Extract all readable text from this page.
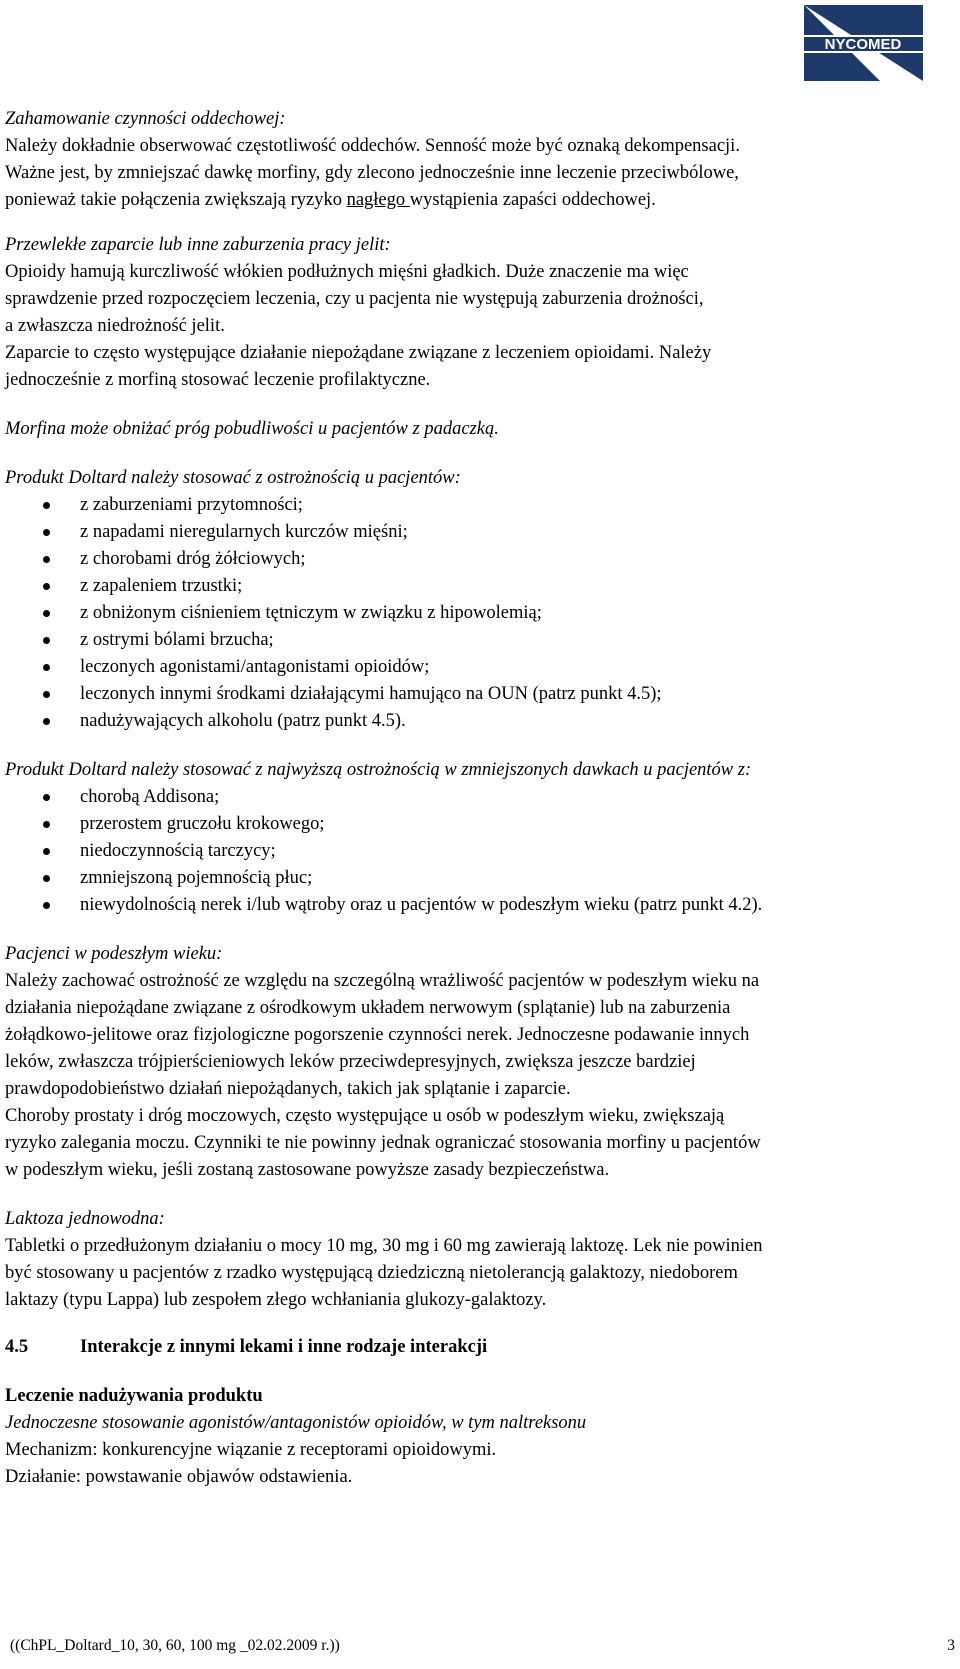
NYCOMED

Zahamowanie czynności oddechowej:

Należy dokładnie obserwować częstotliwość oddechów. Senność może być oznaką dekompensacji.

Ważne jest, by zmniejszać dawkę morfiny, gdy zlecono jednocześnie inne leczenie przeciwbólowe,

ponieważ takie połączenia zwiększają ryzyko nagłego wystąpienia zapaści oddechowej.

Przewlekłe zaparcie lub inne zaburzenia pracy jelit:

Opioidy hamują kurczliwość włókien podłużnych mięśni gładkich. Duże znaczenie ma więc

sprawdzenie przed rozpoczęciem leczenia, czy u pacjenta nie występują zaburzenia drożności,

a zwłaszcza niedrożność jelit.

Zaparcie to często występujące działanie niepożądane związane z leczeniem opioidami. Należy

jednocześnie z morfiną stosować leczenie profilaktyczne.

Morfina może obniżać próg pobudliwości u pacjentów z padaczką.

Produkt Doltard należy stosować z ostrożnością u pacjentów:

z zaburzeniami przytomności;
z napadami nieregularnych kurczów mięśni;
z chorobami dróg żółciowych;
z zapaleniem trzustki;
z obniżonym ciśnieniem tętniczym w związku z hipowolemią;
z ostrymi bólami brzucha;
leczonych agonistami/antagonistami opioidów;
leczonych innymi środkami działającymi hamująco na OUN (patrz punkt 4.5);
nadużywających alkoholu (patrz punkt 4.5).

Produkt Doltard należy stosować z najwyższą ostrożnością w zmniejszonych dawkach u pacjentów z:

chorobą Addisona;
przerostem gruczołu krokowego;
niedoczynnością tarczycy;
zmniejszoną pojemnością płuc;
niewydolnością nerek i/lub wątroby oraz u pacjentów w podeszłym wieku (patrz punkt 4.2).

Pacjenci w podeszłym wieku:

Należy zachować ostrożność ze względu na szczególną wrażliwość pacjentów w podeszłym wieku na

działania niepożądane związane z ośrodkowym układem nerwowym (splątanie) lub na zaburzenia

żołądkowo-jelitowe oraz fizjologiczne pogorszenie czynności nerek. Jednoczesne podawanie innych

leków, zwłaszcza trójpierścieniowych leków przeciwdepresyjnych, zwiększa jeszcze bardziej

prawdopodobieństwo działań niepożądanych, takich jak splątanie i zaparcie.

Choroby prostaty i dróg moczowych, często występujące u osób w podeszłym wieku, zwiększają

ryzyko zalegania moczu. Czynniki te nie powinny jednak ograniczać stosowania morfiny u pacjentów

w podeszłym wieku, jeśli zostaną zastosowane powyższe zasady bezpieczeństwa.

Laktoza jednowodna:

Tabletki o przedłużonym działaniu o mocy 10 mg, 30 mg i 60 mg zawierają laktozę. Lek nie powinien

być stosowany u pacjentów z rzadko występującą dziedziczną nietolerancją galaktozy, niedoborem

laktazy (typu Lappa) lub zespołem złego wchłaniania glukozy-galaktozy.

4.5	Interakcje z innymi lekami i inne rodzaje interakcji

Leczenie nadużywania produktu

Jednoczesne stosowanie agonistów/antagonistów opioidów, w tym naltreksonu

Mechanizm: konkurencyjne wiązanie z receptorami opioidowymi.

Działanie: powstawanie objawów odstawienia.

((ChPL_Doltard_10, 30, 60, 100 mg _02.02.2009 r.))	3
